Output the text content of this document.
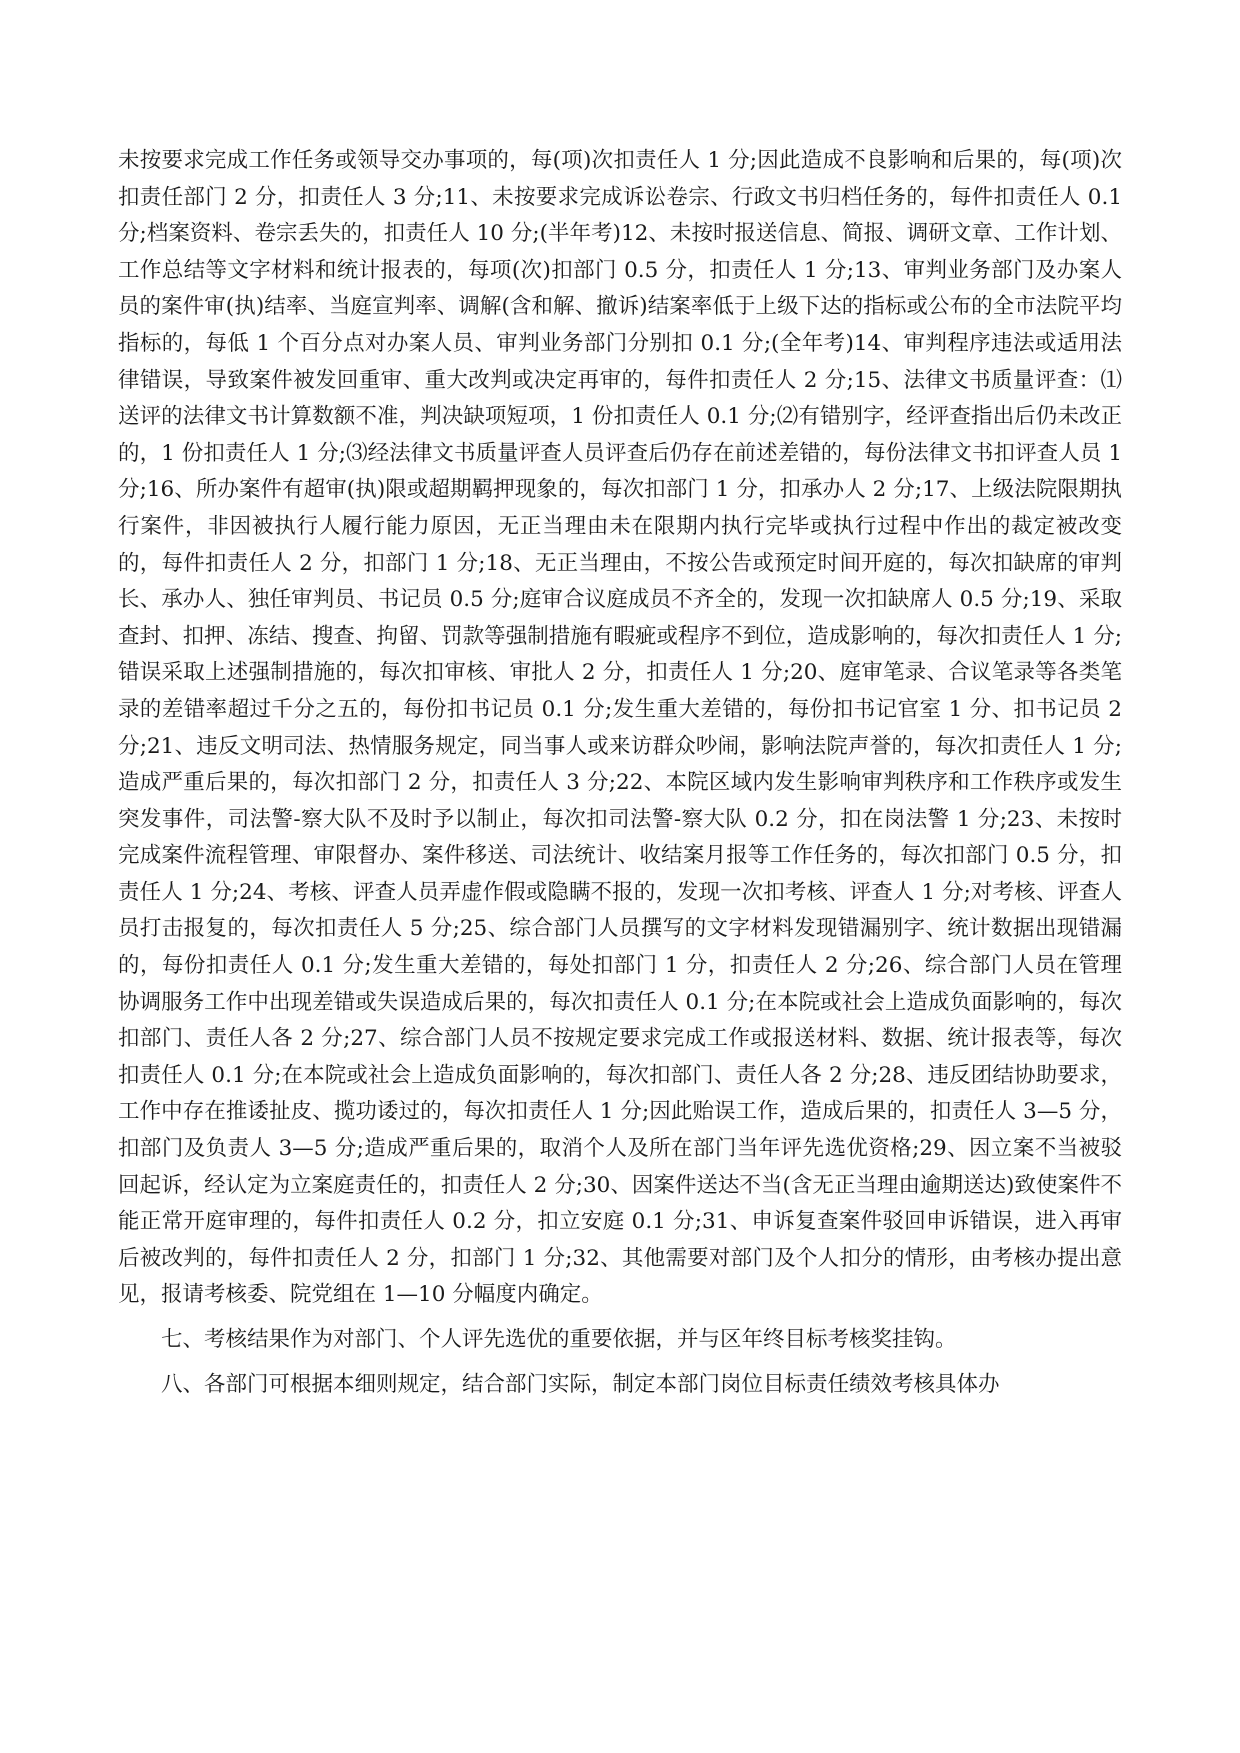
未按要求完成工作任务或领导交办事项的，每(项)次扣责任人 1 分;因此造成不良影响和后果的，每(项)次扣责任部门 2 分，扣责任人 3 分;11、未按要求完成诉讼卷宗、行政文书归档任务的，每件扣责任人 0.1 分;档案资料、卷宗丢失的，扣责任人 10 分;(半年考)12、未按时报送信息、简报、调研文章、工作计划、工作总结等文字材料和统计报表的，每项(次)扣部门 0.5 分，扣责任人 1 分;13、审判业务部门及办案人员的案件审(执)结率、当庭宣判率、调解(含和解、撤诉)结案率低于上级下达的指标或公布的全市法院平均指标的，每低 1 个百分点对办案人员、审判业务部门分别扣 0.1 分;(全年考)14、审判程序违法或适用法律错误，导致案件被发回重审、重大改判或决定再审的，每件扣责任人 2 分;15、法律文书质量评查：⑴送评的法律文书计算数额不准，判决缺项短项，1 份扣责任人 0.1 分;⑵有错别字，经评查指出后仍未改正的，1 份扣责任人 1 分;⑶经法律文书质量评查人员评查后仍存在前述差错的，每份法律文书扣评查人员 1 分;16、所办案件有超审(执)限或超期羁押现象的，每次扣部门 1 分，扣承办人 2 分;17、上级法院限期执行案件，非因被执行人履行能力原因，无正当理由未在限期内执行完毕或执行过程中作出的裁定被改变的，每件扣责任人 2 分，扣部门 1 分;18、无正当理由，不按公告或预定时间开庭的，每次扣缺席的审判长、承办人、独任审判员、书记员 0.5 分;庭审合议庭成员不齐全的，发现一次扣缺席人 0.5 分;19、采取查封、扣押、冻结、搜查、拘留、罚款等强制措施有暇疵或程序不到位，造成影响的，每次扣责任人 1 分;错误采取上述强制措施的，每次扣审核、审批人 2 分，扣责任人 1 分;20、庭审笔录、合议笔录等各类笔录的差错率超过千分之五的，每份扣书记员 0.1 分;发生重大差错的，每份扣书记官室 1 分、扣书记员 2 分;21、违反文明司法、热情服务规定，同当事人或来访群众吵闹，影响法院声誉的，每次扣责任人 1 分;造成严重后果的，每次扣部门 2 分，扣责任人 3 分;22、本院区域内发生影响审判秩序和工作秩序或发生突发事件，司法警-察大队不及时予以制止，每次扣司法警-察大队 0.2 分，扣在岗法警 1 分;23、未按时完成案件流程管理、审限督办、案件移送、司法统计、收结案月报等工作任务的，每次扣部门 0.5 分，扣责任人 1 分;24、考核、评查人员弄虚作假或隐瞒不报的，发现一次扣考核、评查人 1 分;对考核、评查人员打击报复的，每次扣责任人 5 分;25、综合部门人员撰写的文字材料发现错漏别字、统计数据出现错漏的，每份扣责任人 0.1 分;发生重大差错的，每处扣部门 1 分，扣责任人 2 分;26、综合部门人员在管理协调服务工作中出现差错或失误造成后果的，每次扣责任人 0.1 分;在本院或社会上造成负面影响的，每次扣部门、责任人各 2 分;27、综合部门人员不按规定要求完成工作或报送材料、数据、统计报表等，每次扣责任人 0.1 分;在本院或社会上造成负面影响的，每次扣部门、责任人各 2 分;28、违反团结协助要求，工作中存在推诿扯皮、揽功诿过的，每次扣责任人 1 分;因此贻误工作，造成后果的，扣责任人 3—5 分，扣部门及负责人 3—5 分;造成严重后果的，取消个人及所在部门当年评先选优资格;29、因立案不当被驳回起诉，经认定为立案庭责任的，扣责任人 2 分;30、因案件送达不当(含无正当理由逾期送达)致使案件不能正常开庭审理的，每件扣责任人 0.2 分，扣立安庭 0.1 分;31、申诉复查案件驳回申诉错误，进入再审后被改判的，每件扣责任人 2 分，扣部门 1 分;32、其他需要对部门及个人扣分的情形，由考核办提出意见，报请考核委、院党组在 1—10 分幅度内确定。

七、考核结果作为对部门、个人评先选优的重要依据，并与区年终目标考核奖挂钩。

八、各部门可根据本细则规定，结合部门实际，制定本部门岗位目标责任绩效考核具体办
